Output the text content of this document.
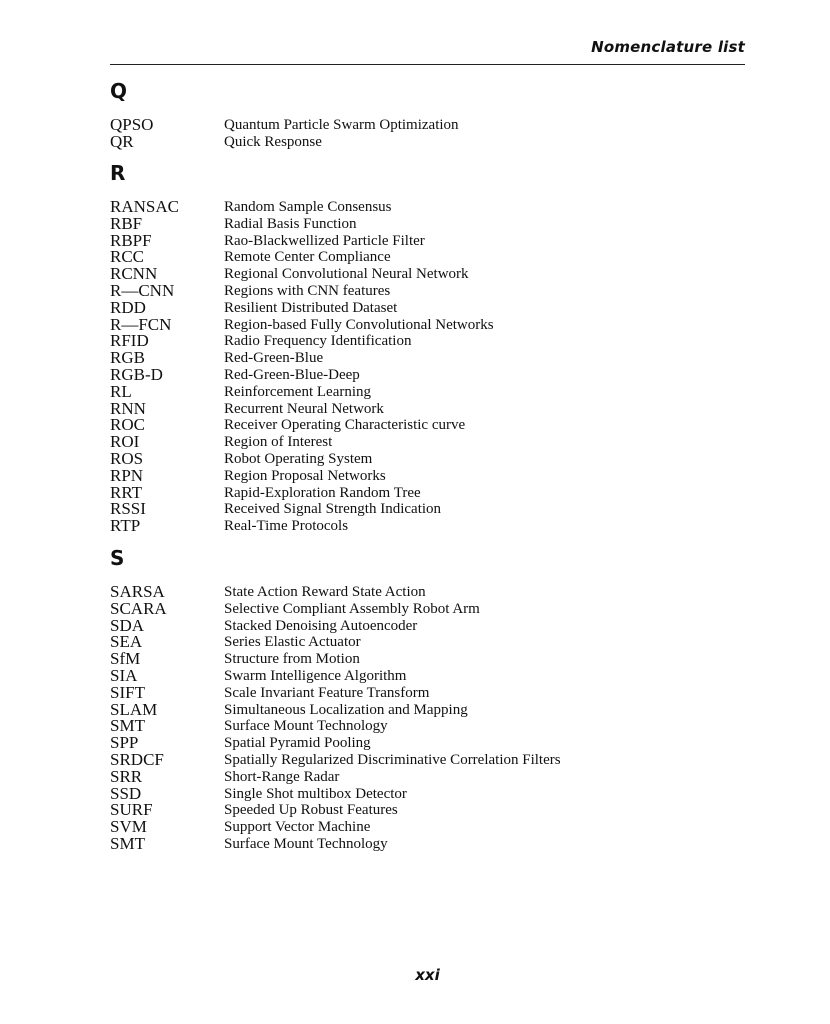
Nomenclature list
Q
QPSO	Quantum Particle Swarm Optimization
QR	Quick Response
R
RANSAC	Random Sample Consensus
RBF	Radial Basis Function
RBPF	Rao-Blackwellized Particle Filter
RCC	Remote Center Compliance
RCNN	Regional Convolutional Neural Network
R—CNN	Regions with CNN features
RDD	Resilient Distributed Dataset
R—FCN	Region-based Fully Convolutional Networks
RFID	Radio Frequency Identification
RGB	Red-Green-Blue
RGB-D	Red-Green-Blue-Deep
RL	Reinforcement Learning
RNN	Recurrent Neural Network
ROC	Receiver Operating Characteristic curve
ROI	Region of Interest
ROS	Robot Operating System
RPN	Region Proposal Networks
RRT	Rapid-Exploration Random Tree
RSSI	Received Signal Strength Indication
RTP	Real-Time Protocols
S
SARSA	State Action Reward State Action
SCARA	Selective Compliant Assembly Robot Arm
SDA	Stacked Denoising Autoencoder
SEA	Series Elastic Actuator
SfM	Structure from Motion
SIA	Swarm Intelligence Algorithm
SIFT	Scale Invariant Feature Transform
SLAM	Simultaneous Localization and Mapping
SMT	Surface Mount Technology
SPP	Spatial Pyramid Pooling
SRDCF	Spatially Regularized Discriminative Correlation Filters
SRR	Short-Range Radar
SSD	Single Shot multibox Detector
SURF	Speeded Up Robust Features
SVM	Support Vector Machine
SMT	Surface Mount Technology
xxi
